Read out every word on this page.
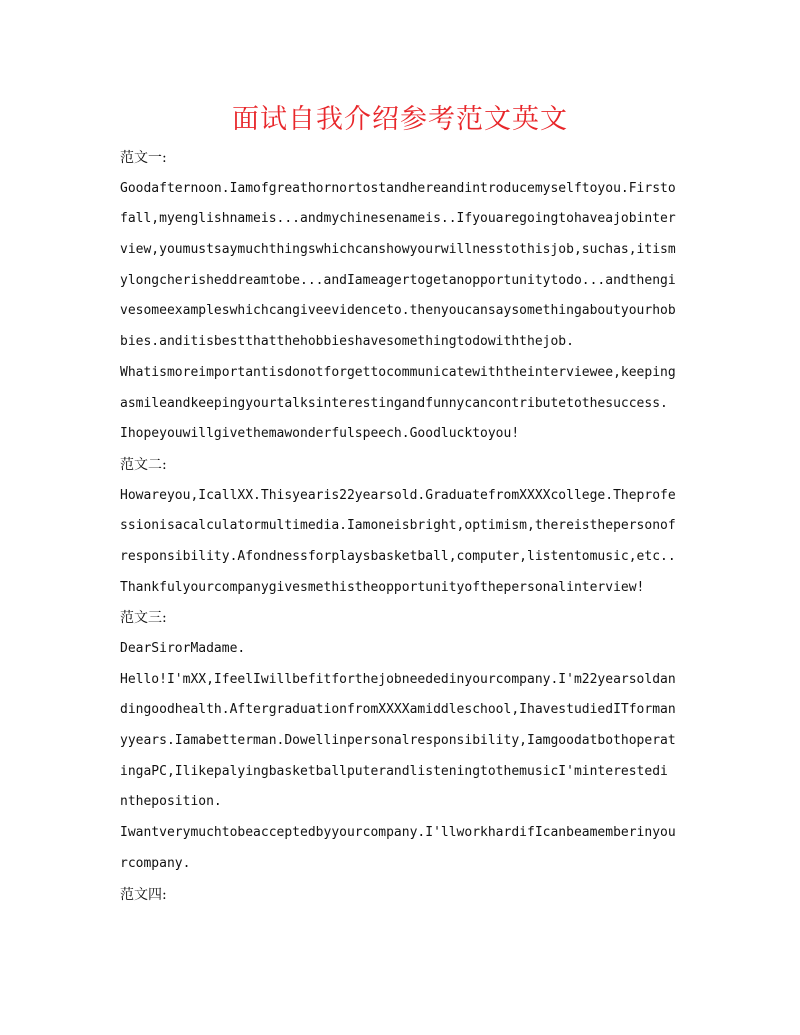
面试自我介绍参考范文英文
范文一:
Goodafternoon.Iamofgreathornortostandhereandintroducemyselftoyou.Firsto
fall,myenglishnameis...andmychinesenameis..Ifyouaregoingtohaveajobinter
view,youmustsaymuchthingswhichcanshowyourwillnesstothisjob,suchas,itism
ylongcherisheddreamtobe...andIameagertogetanopportunitytodo...andthengi
vesomeexampleswhichcangiveevidenceto.thenyoucansaysomethingaboutyourhob
bies.anditisbestthatthehobbieshavesomethingtodowiththejob.
Whatismoreimportantisdonotforgettocommunicatewiththeinterviewee,keeping
asmileandkeepingyourtalksinterestingandfunnycancontributetothesuccess.
Ihopeyouwillgivethemawonderfulspeech.Goodlucktoyou!
范文二:
Howareyou,IcallXX.Thisyearis22yearsold.GraduatefromXXXXcollege.Theprofe
ssionisacalculatormultimedia.Iamoneisbright,optimism,thereisthepersonof
responsibility.Afondnessforplaysbasketball,computer,listentomusic,etc..
Thankfulyourcompanygivesmethistheopportunityofthepersonalinterview!
范文三:
DearSirorMadame.
Hello!I'mXX,IfeelIwillbefitforthejobneededinyourcompany.I'm22yearsoldan
dingoodhealth.AftergraduationfromXXXXamiddleschool,IhavestudiedITforman
yyears.Iamabetterman.Dowellinpersonalresponsibility,Iamgoodatbothoperat
ingaPC,IlikepalyingbasketballputerandlisteningtothemusicI'minterestedi
ntheposition.
Iwantverymuchtobeacceptedbyyourcompany.I'llworkhardifIcanbeamemberinyou
rcompany.
范文四:
